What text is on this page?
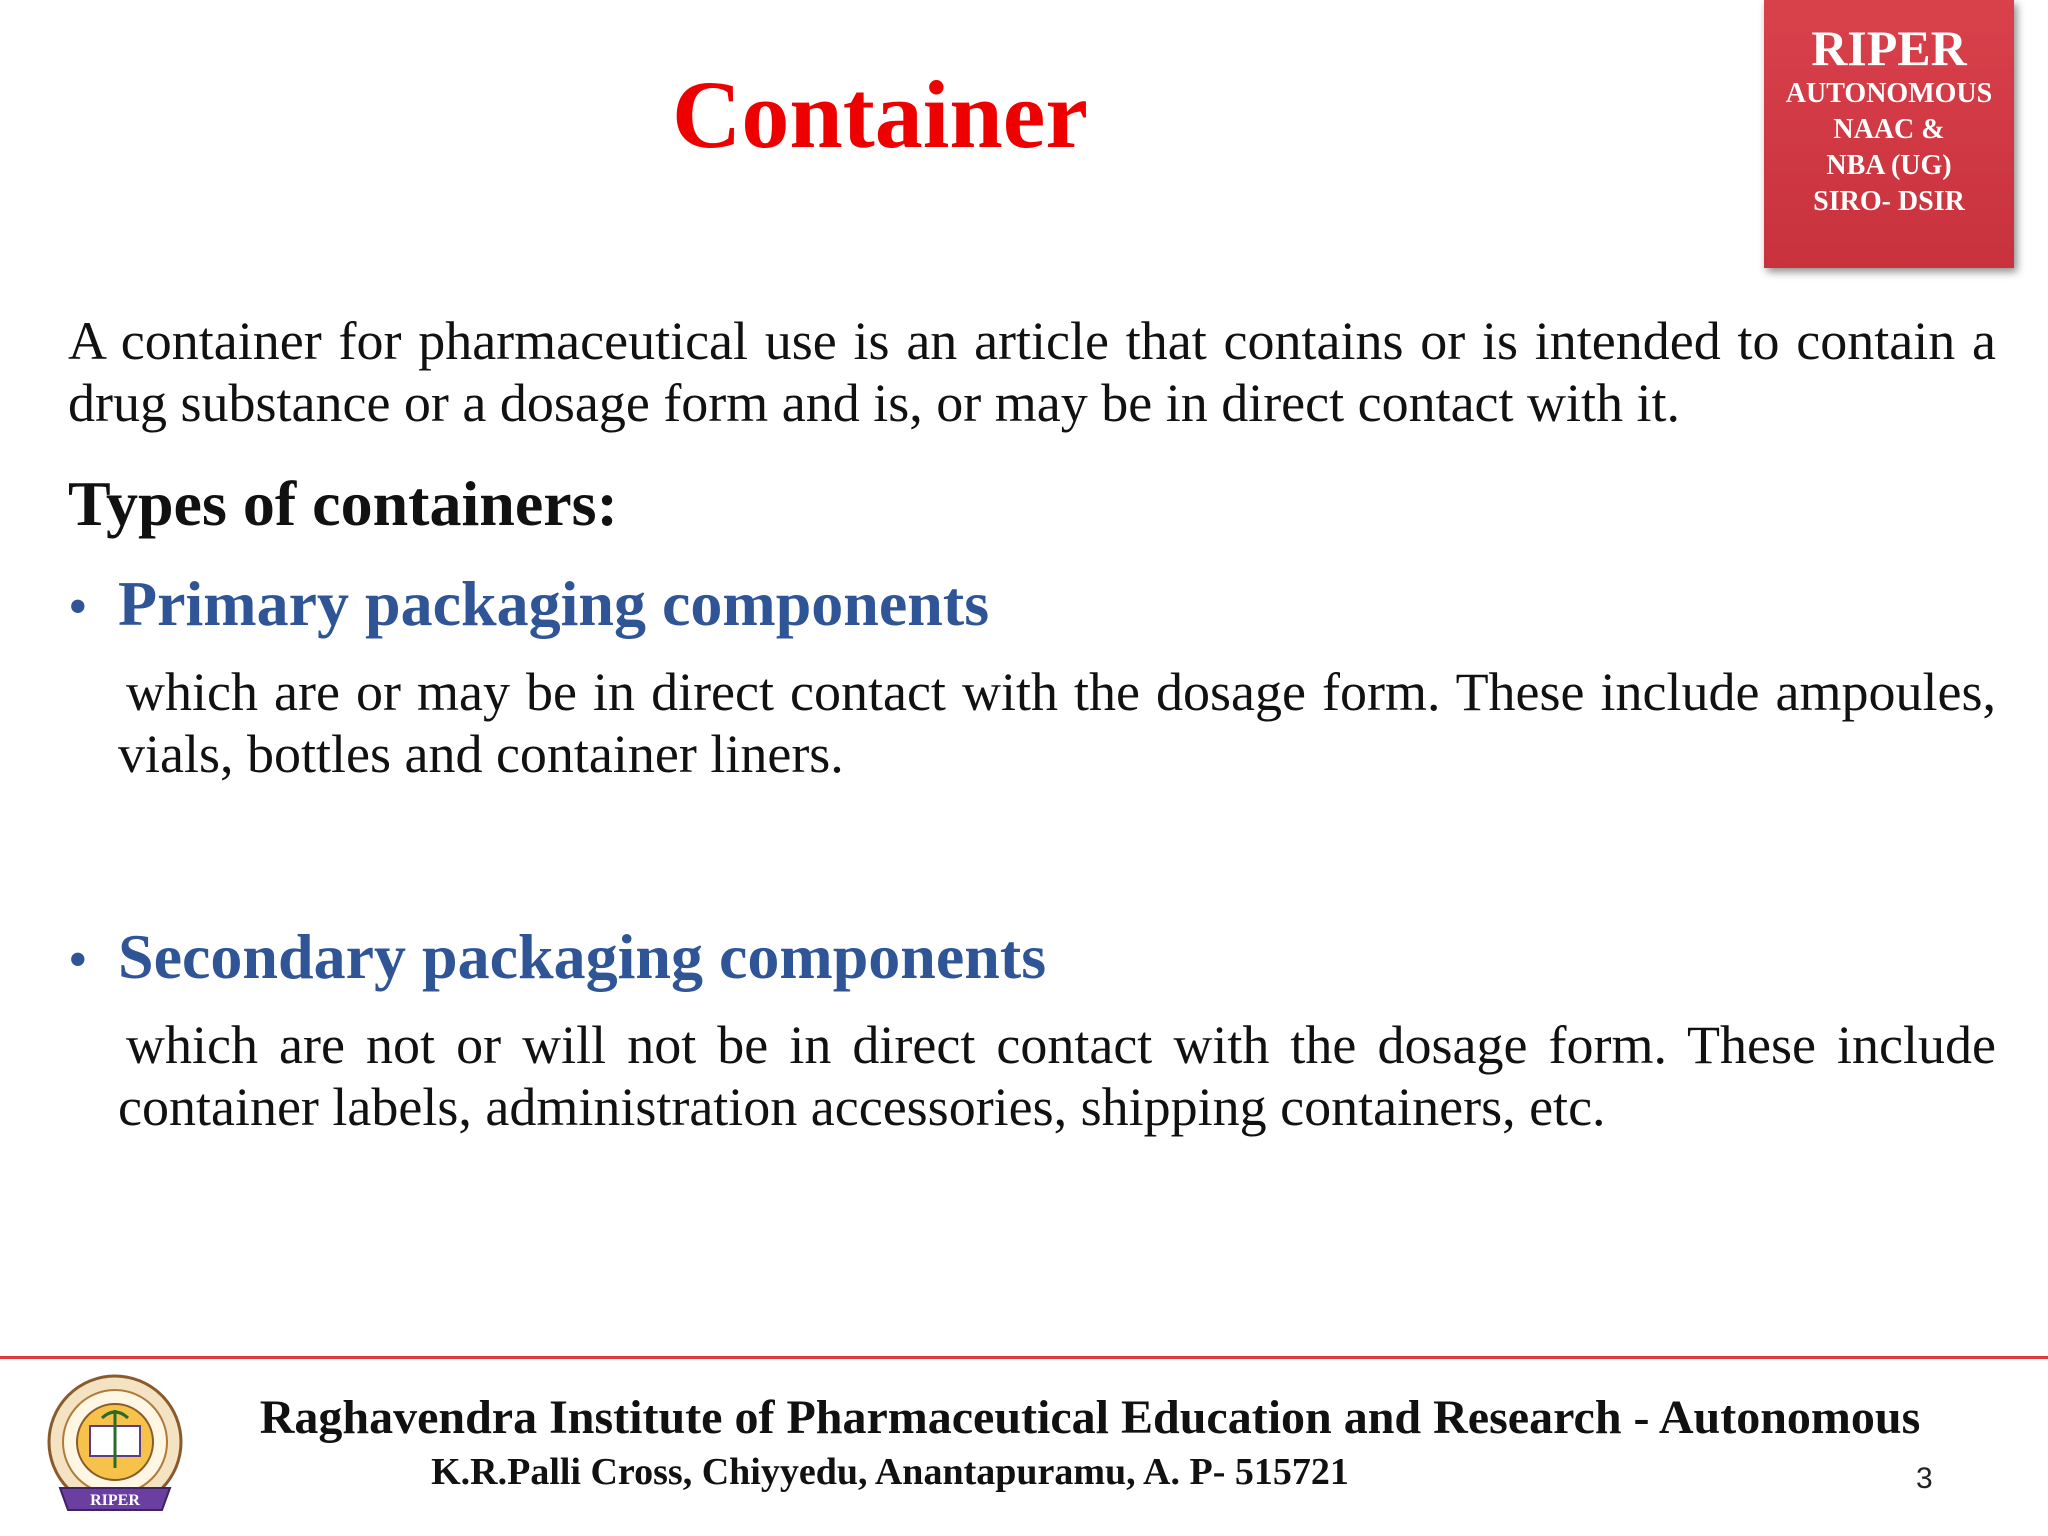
Container
RIPER
AUTONOMOUS
NAAC &
NBA (UG)
SIRO- DSIR

A container for pharmaceutical use is an article that contains or is intended to contain a drug substance or a dosage form and is, or may be in direct contact with it.

Types of containers:
• Primary packaging components

which are or may be in direct contact with the dosage form. These include ampoules, vials, bottles and container liners.

• Secondary packaging components

which are not or will not be in direct contact with the dosage form. These include container labels, administration accessories, shipping containers, etc.

RIPER
Raghavendra Institute of Pharmaceutical Education and Research - Autonomous
K.R.Palli Cross, Chiyyedu, Anantapuramu, A. P- 515721	3
